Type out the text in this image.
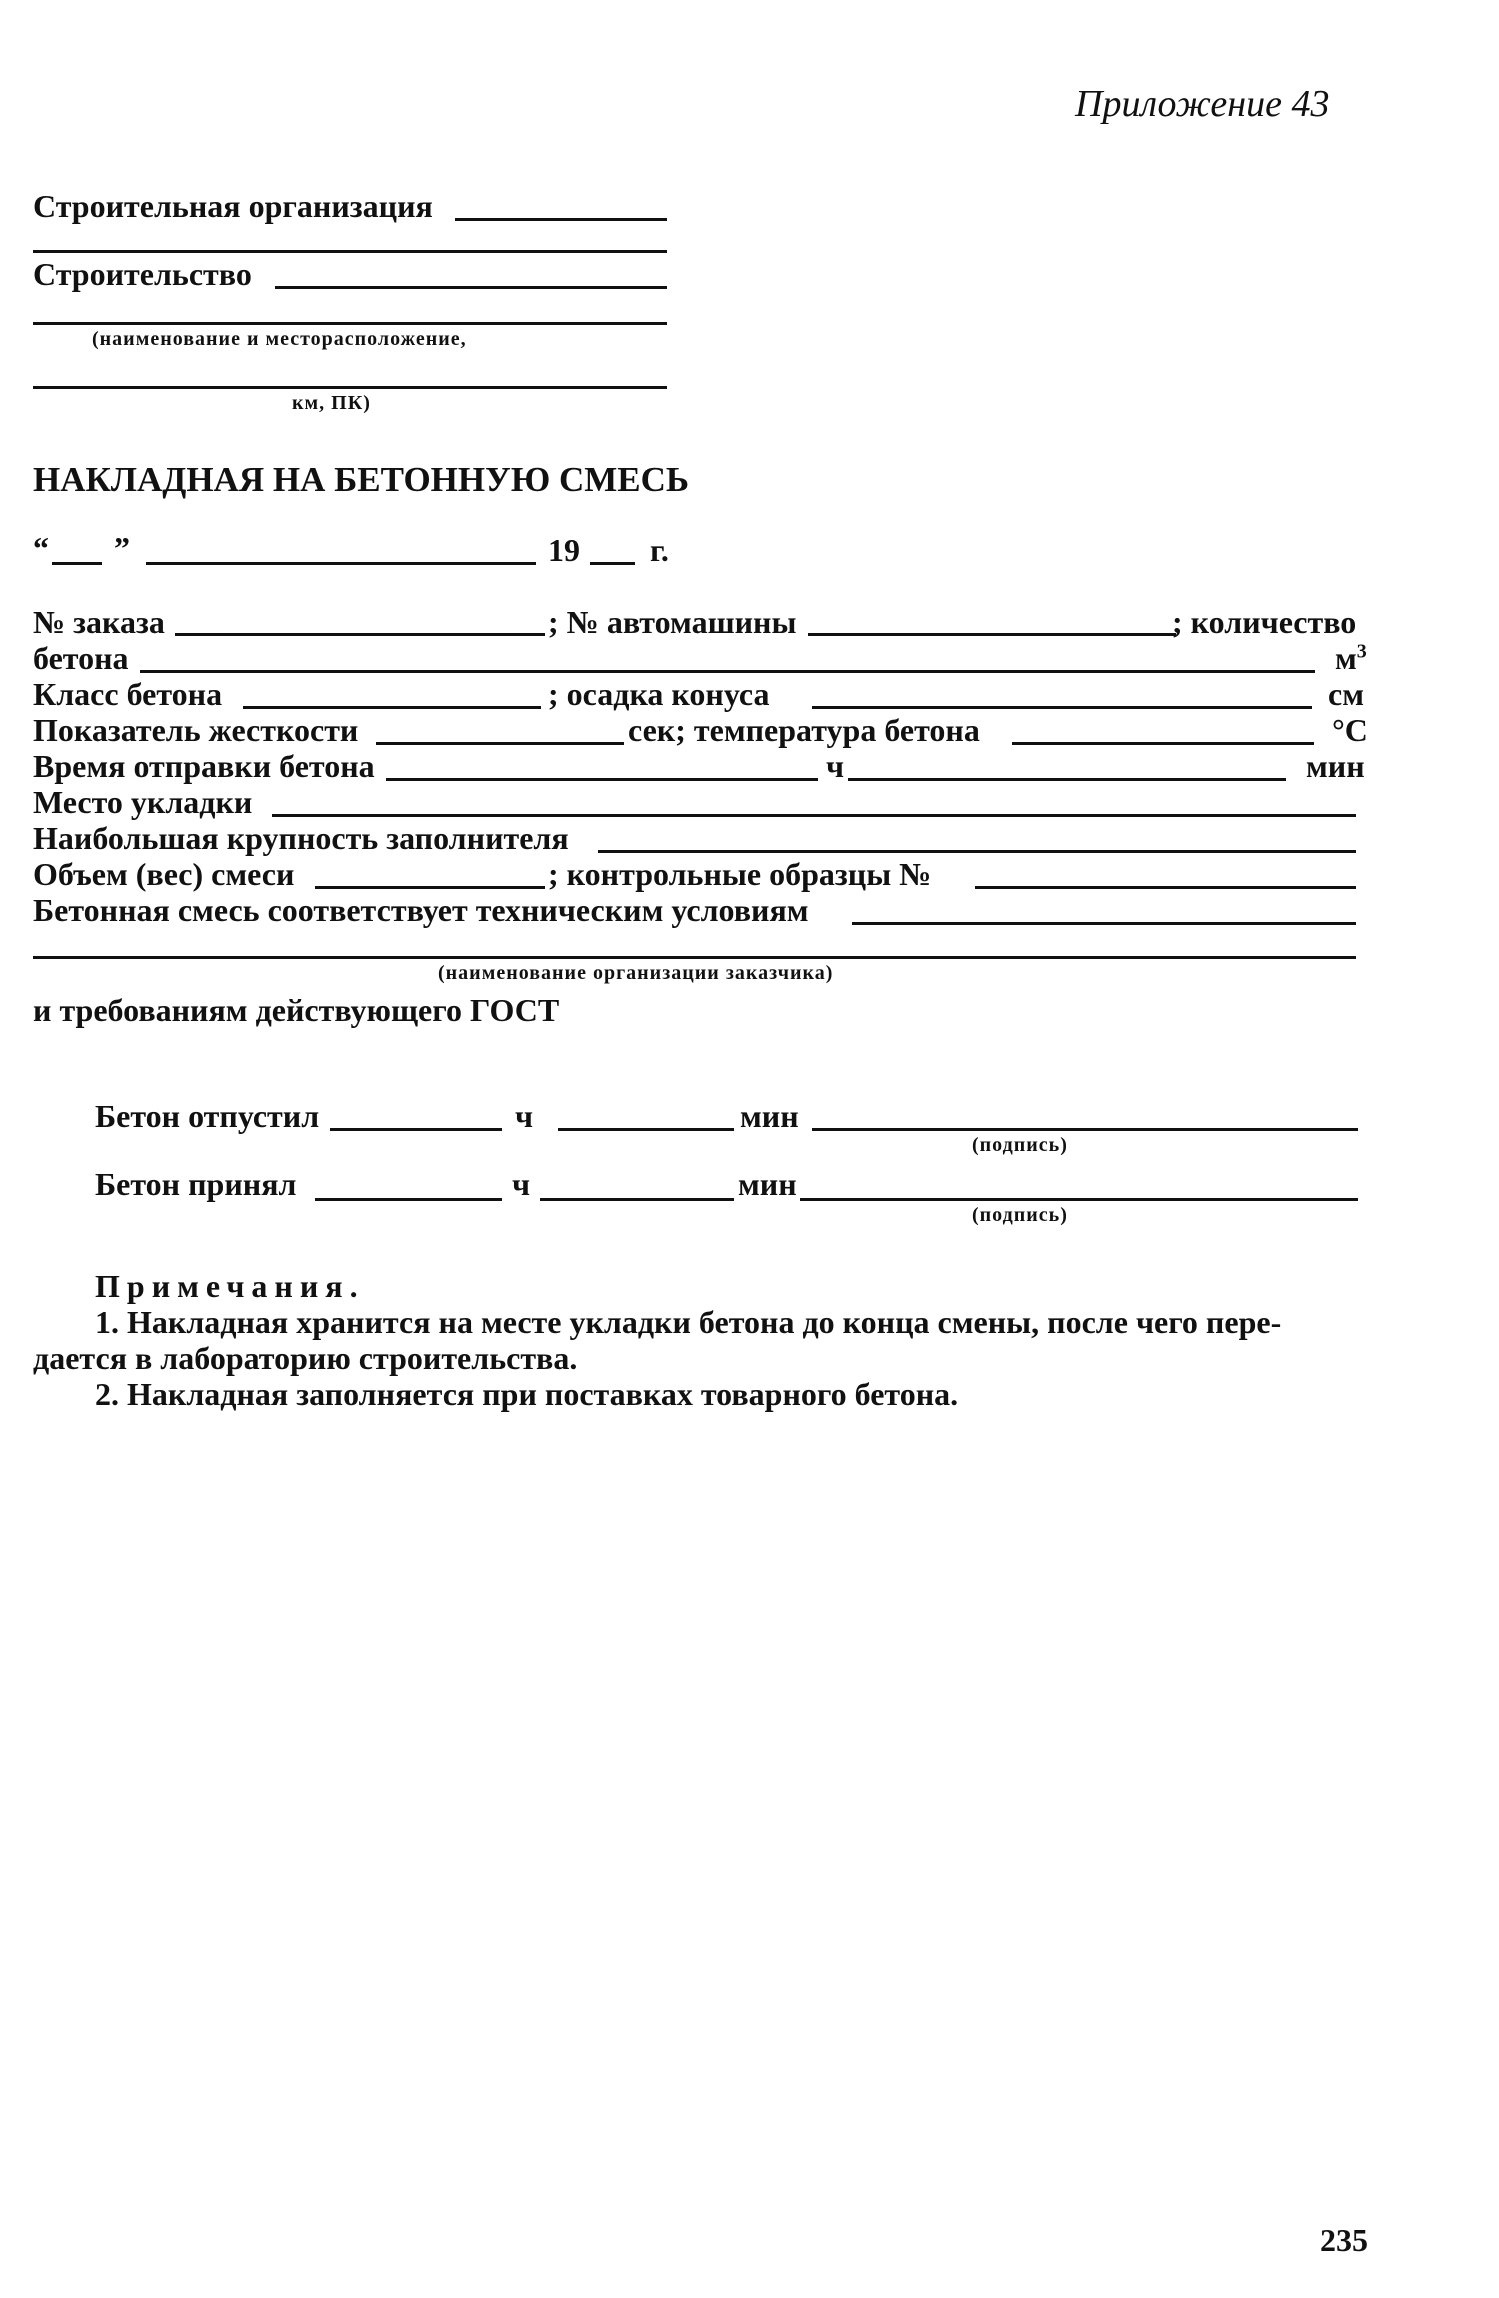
Приложение 43
Строительная организация
Строительство
(наименование и месторасположение,
км, ПК)
НАКЛАДНАЯ НА БЕТОННУЮ СМЕСЬ
“ ”	19 г.
№ заказа	; № автомашины	; количество
бетона	$м^3$
Класс бетона	; осадка конуса	см
Показатель жесткости	сек; температура бетона	°С
Время отправки бетона	ч	мин
Место укладки
Наибольшая крупность заполнителя
Объем (вес) смеси	; контрольные образцы №
Бетонная смесь соответствует техническим условиям
(наименование организации заказчика)
и требованиям действующего ГОСТ
Бетон отпустил	ч	мин
(подпись)
Бетон принял	ч	мин
(подпись)
Примечания.
1. Накладная хранится на месте укладки бетона до конца смены, после чего пере-
дается в лабораторию строительства.
2. Накладная заполняется при поставках товарного бетона.
235
